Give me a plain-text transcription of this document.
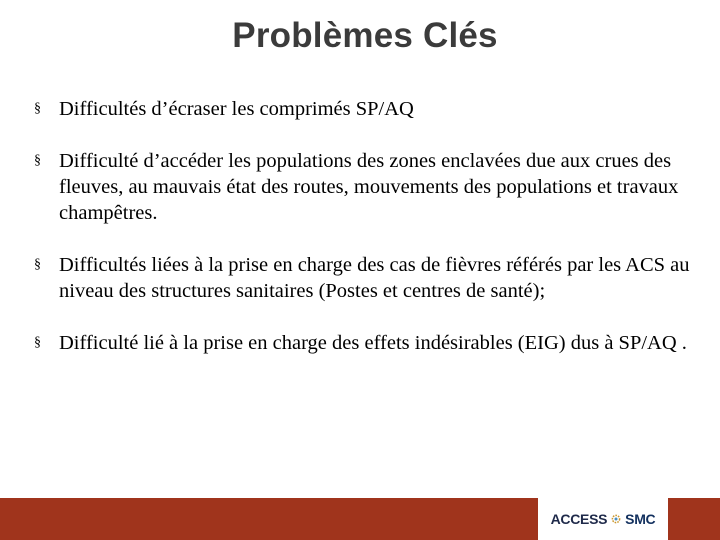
Problèmes Clés
§ Difficultés d’écraser les comprimés SP/AQ
§ Difficulté d’accéder les populations des zones enclavées due aux crues des fleuves, au mauvais état des routes, mouvements des populations et travaux champêtres.
§ Difficultés liées à la prise en charge des cas de fièvres référés par les ACS au niveau des structures sanitaires (Postes et centres de santé);
§ Difficulté lié à la prise en charge des effets indésirables (EIG) dus à SP/AQ .
ACCESS SMC
